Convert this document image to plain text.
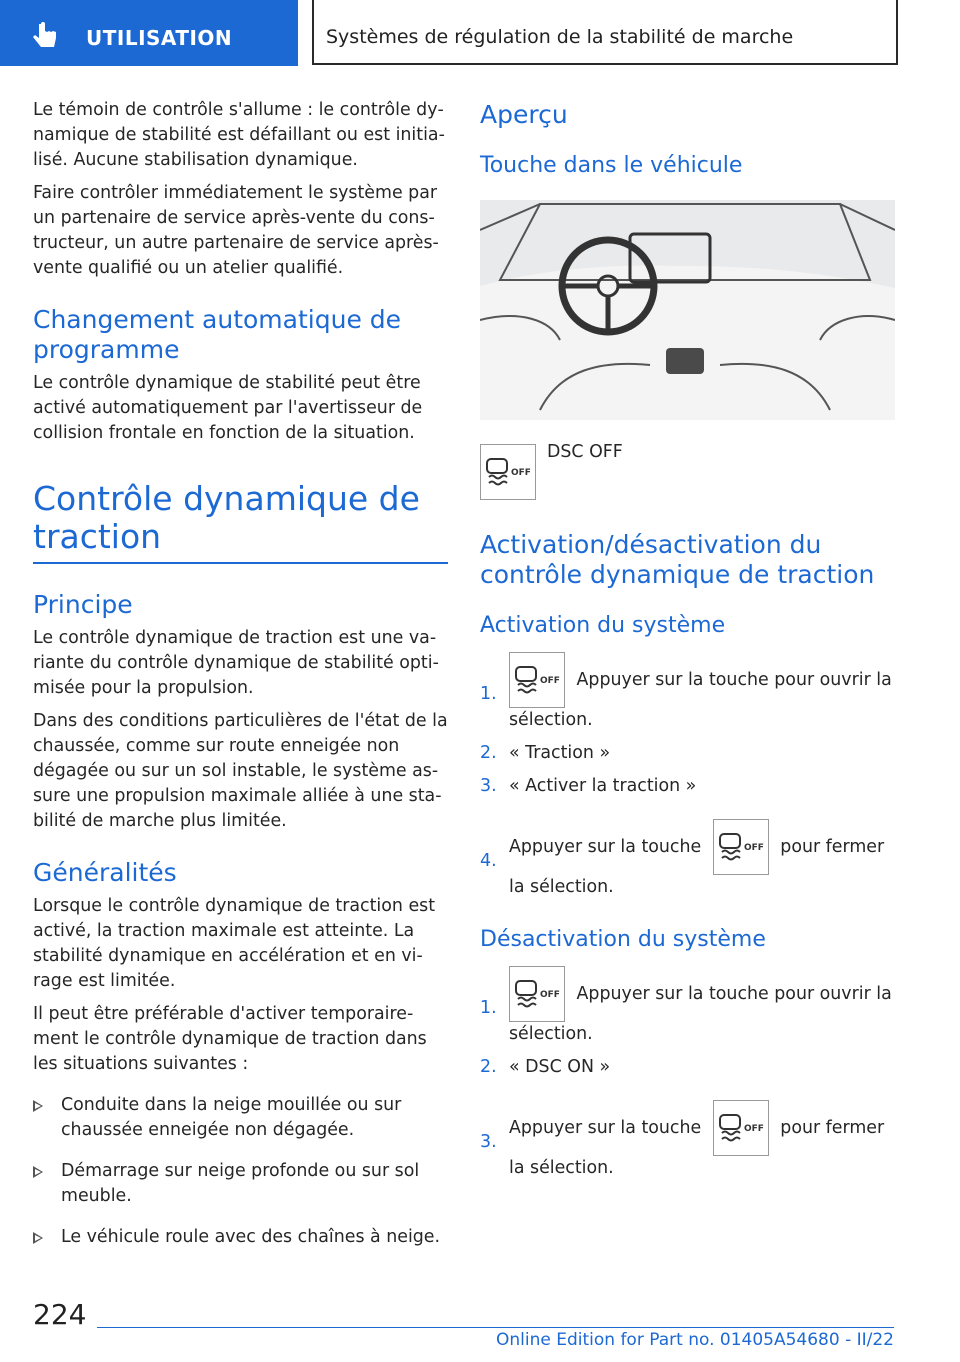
UTILISATION	Systèmes de régulation de la stabilité de marche

Le témoin de contrôle s'allume : le contrôle dynamique de stabilité est défaillant ou est initialisé. Aucune stabilisation dynamique.

Faire contrôler immédiatement le système par un partenaire de service après-vente du constructeur, un autre partenaire de service après-vente qualifié ou un atelier qualifié.

Changement automatique de programme

Le contrôle dynamique de stabilité peut être activé automatiquement par l'avertisseur de collision frontale en fonction de la situation.

Contrôle dynamique de traction
Principe

Le contrôle dynamique de traction est une variante du contrôle dynamique de stabilité optimisée pour la propulsion.

Dans des conditions particulières de l'état de la chaussée, comme sur route enneigée non dégagée ou sur un sol instable, le système assure une propulsion maximale alliée à une stabilité de marche plus limitée.

Généralités

Lorsque le contrôle dynamique de traction est activé, la traction maximale est atteinte. La stabilité dynamique en accélération et en virage est limitée.

Il peut être préférable d'activer temporairement le contrôle dynamique de traction dans les situations suivantes :

Conduite dans la neige mouillée ou sur chaussée enneigée non dégagée.

Démarrage sur neige profonde ou sur sol meuble.

Le véhicule roule avec des chaînes à neige.

Aperçu
Touche dans le véhicule
OFF
DSC OFF
Activation/désactivation du contrôle dynamique de traction
Activation du système
1.
OFF Appuyer sur la touche pour ouvrir la sélection.
2. « Traction »
3. « Activer la traction »
4.
Appuyer sur la touche	OFF pour fermer la sélection.
Désactivation du système
1.
OFF Appuyer sur la touche pour ouvrir la sélection.
2. « DSC ON »
3.
Appuyer sur la touche	OFF pour fermer la sélection.
224
Online Edition for Part no. 01405A54680 - II/22
